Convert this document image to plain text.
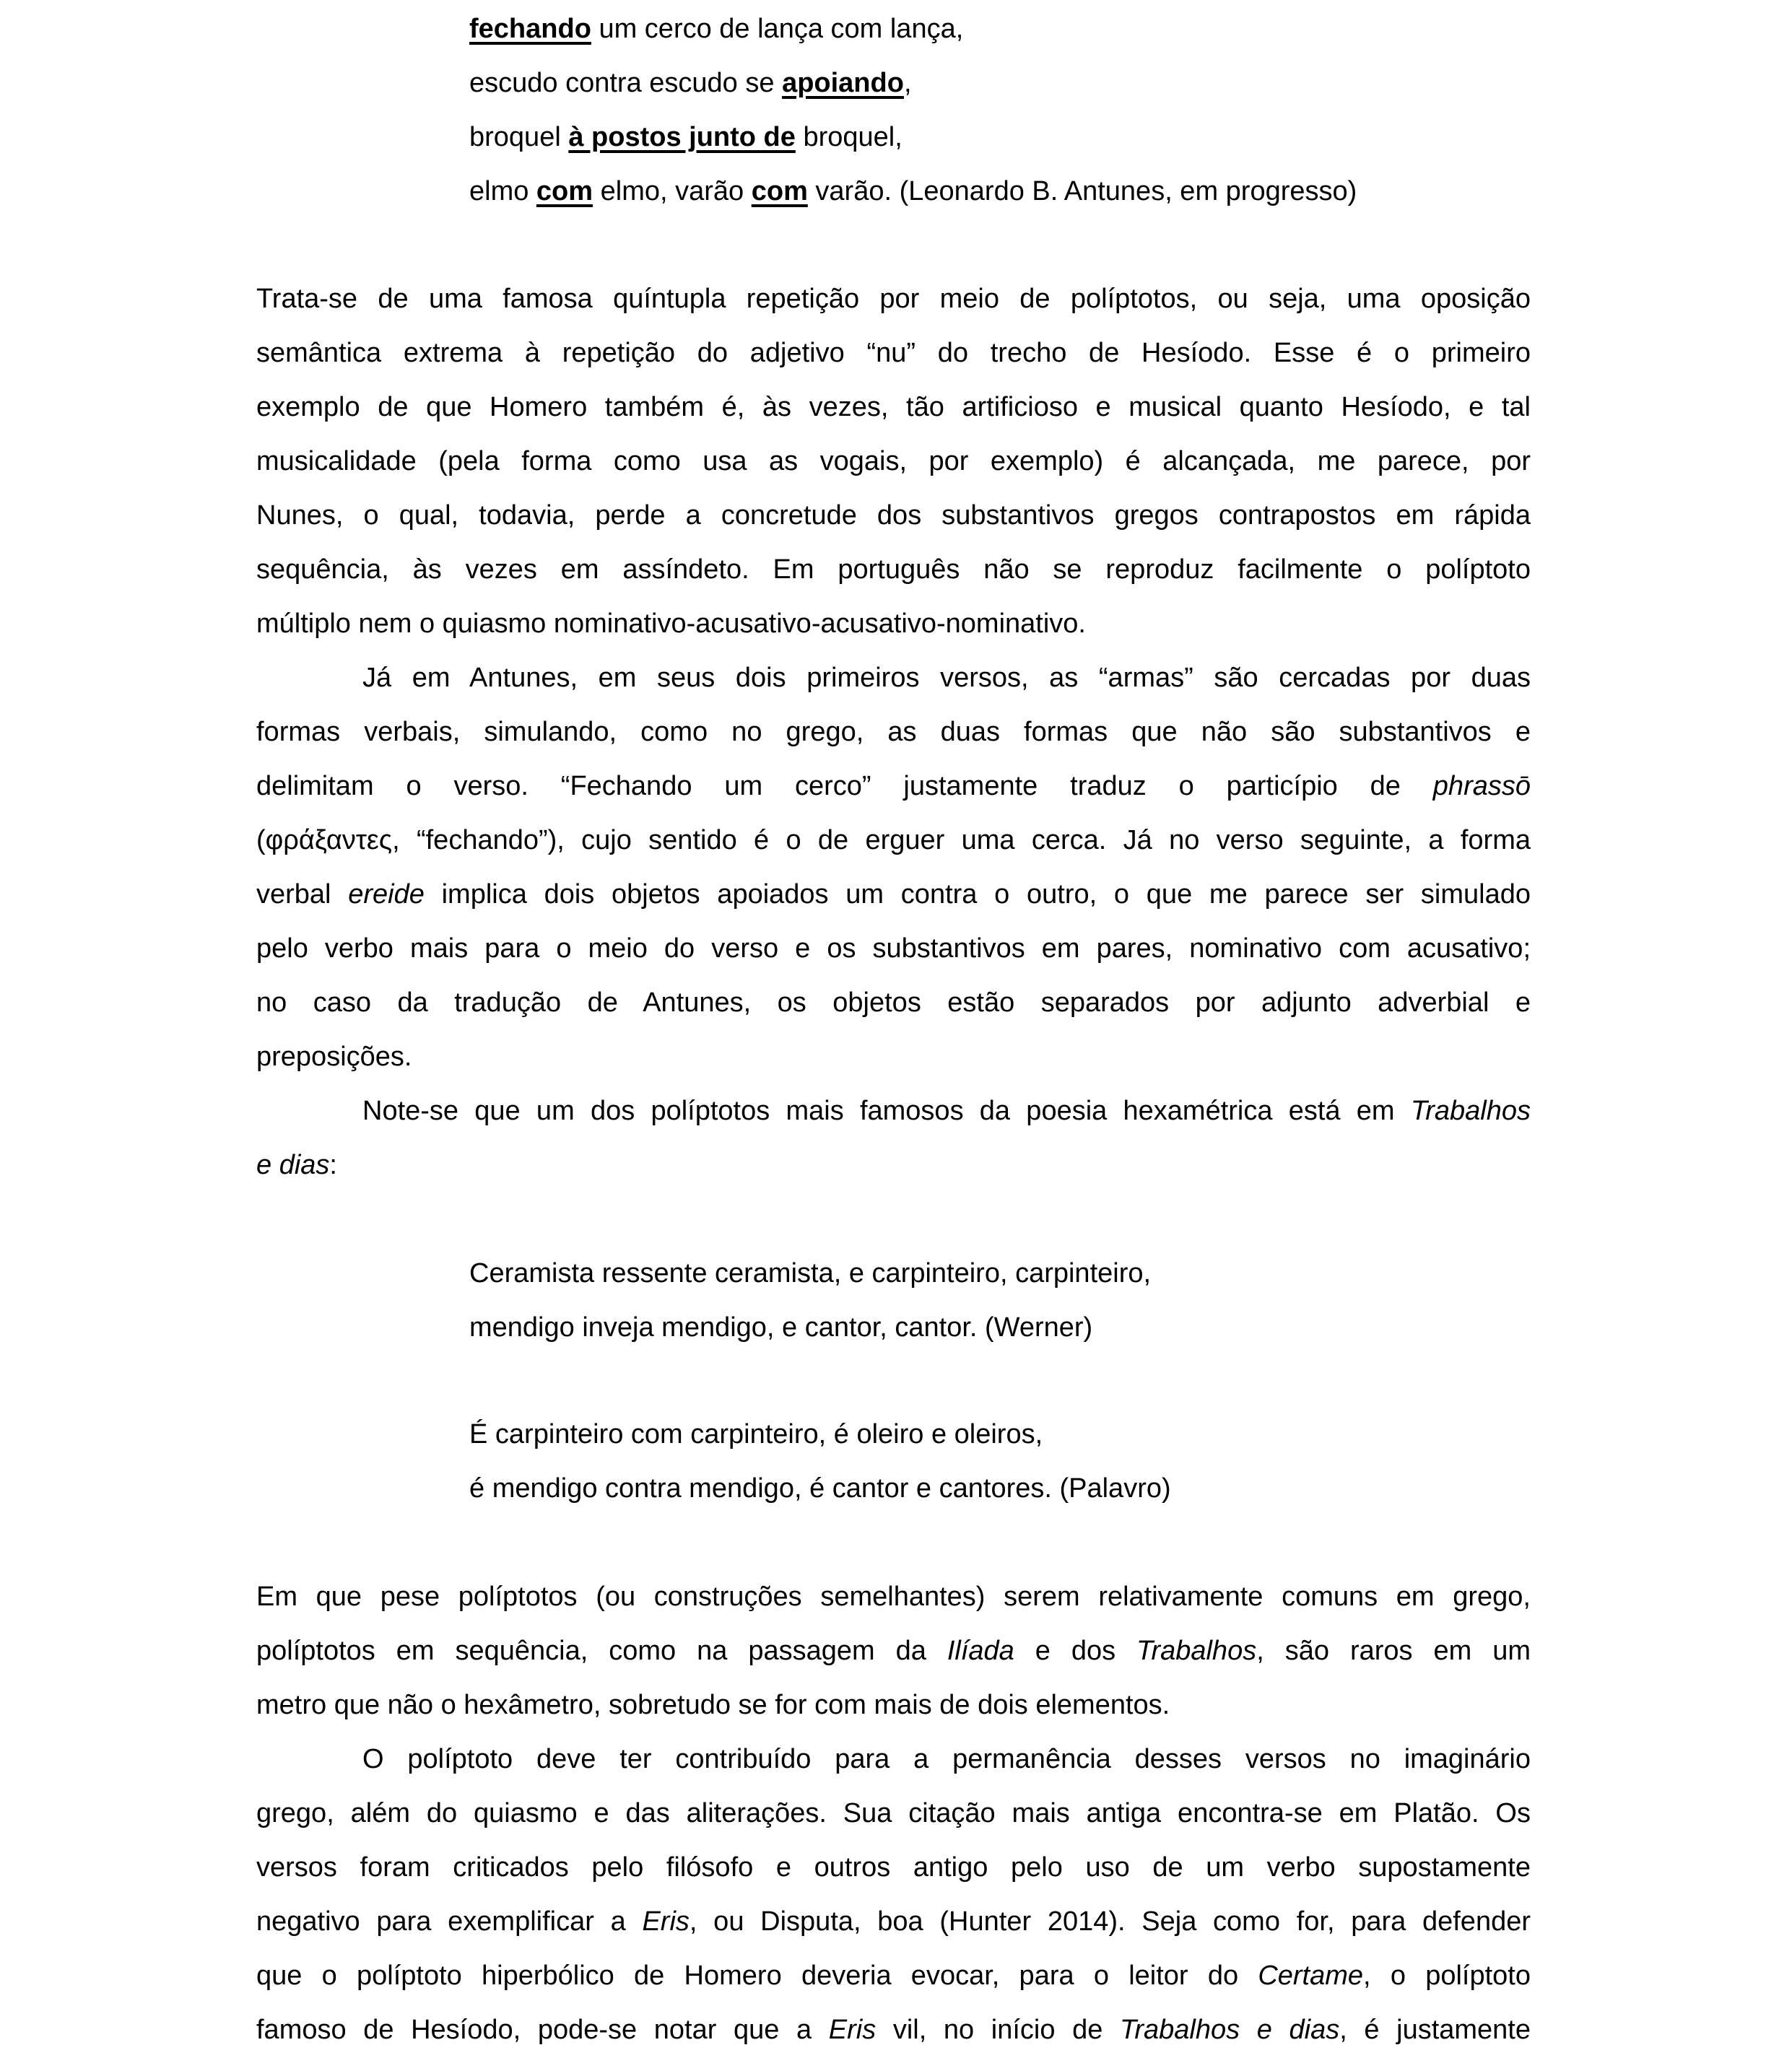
fechando um cerco de lança com lança,
escudo contra escudo se apoiando,
broquel à postos junto de broquel,
elmo com elmo, varão com varão. (Leonardo B. Antunes, em progresso)
Trata-se de uma famosa quíntupla repetição por meio de políptotos, ou seja, uma oposição
semântica extrema à repetição do adjetivo “nu” do trecho de Hesíodo. Esse é o primeiro
exemplo de que Homero também é, às vezes, tão artificioso e musical quanto Hesíodo, e tal
musicalidade (pela forma como usa as vogais, por exemplo) é alcançada, me parece, por
Nunes, o qual, todavia, perde a concretude dos substantivos gregos contrapostos em rápida
sequência, às vezes em assíndeto. Em português não se reproduz facilmente o políptoto
múltiplo nem o quiasmo nominativo-acusativo-acusativo-nominativo.
Já em Antunes, em seus dois primeiros versos, as “armas” são cercadas por duas
formas verbais, simulando, como no grego, as duas formas que não são substantivos e
delimitam o verso. “Fechando um cerco” justamente traduz o particípio de phrassō
(φράξαντες, “fechando”), cujo sentido é o de erguer uma cerca. Já no verso seguinte, a forma
verbal ereide implica dois objetos apoiados um contra o outro, o que me parece ser simulado
pelo verbo mais para o meio do verso e os substantivos em pares, nominativo com acusativo;
no caso da tradução de Antunes, os objetos estão separados por adjunto adverbial e
preposições.
Note-se que um dos políptotos mais famosos da poesia hexamétrica está em Trabalhos
e dias:
Ceramista ressente ceramista, e carpinteiro, carpinteiro,
mendigo inveja mendigo, e cantor, cantor. (Werner)
É carpinteiro com carpinteiro, é oleiro e oleiros,
é mendigo contra mendigo, é cantor e cantores. (Palavro)
Em que pese políptotos (ou construções semelhantes) serem relativamente comuns em grego,
políptotos em sequência, como na passagem da Ilíada e dos Trabalhos, são raros em um
metro que não o hexâmetro, sobretudo se for com mais de dois elementos.
O políptoto deve ter contribuído para a permanência desses versos no imaginário
grego, além do quiasmo e das aliterações. Sua citação mais antiga encontra-se em Platão. Os
versos foram criticados pelo filósofo e outros antigo pelo uso de um verbo supostamente
negativo para exemplificar a Eris, ou Disputa, boa (Hunter 2014). Seja como for, para defender
que o políptoto hiperbólico de Homero deveria evocar, para o leitor do Certame, o políptoto
famoso de Hesíodo, pode-se notar que a Eris vil, no início de Trabalhos e dias, é justamente
